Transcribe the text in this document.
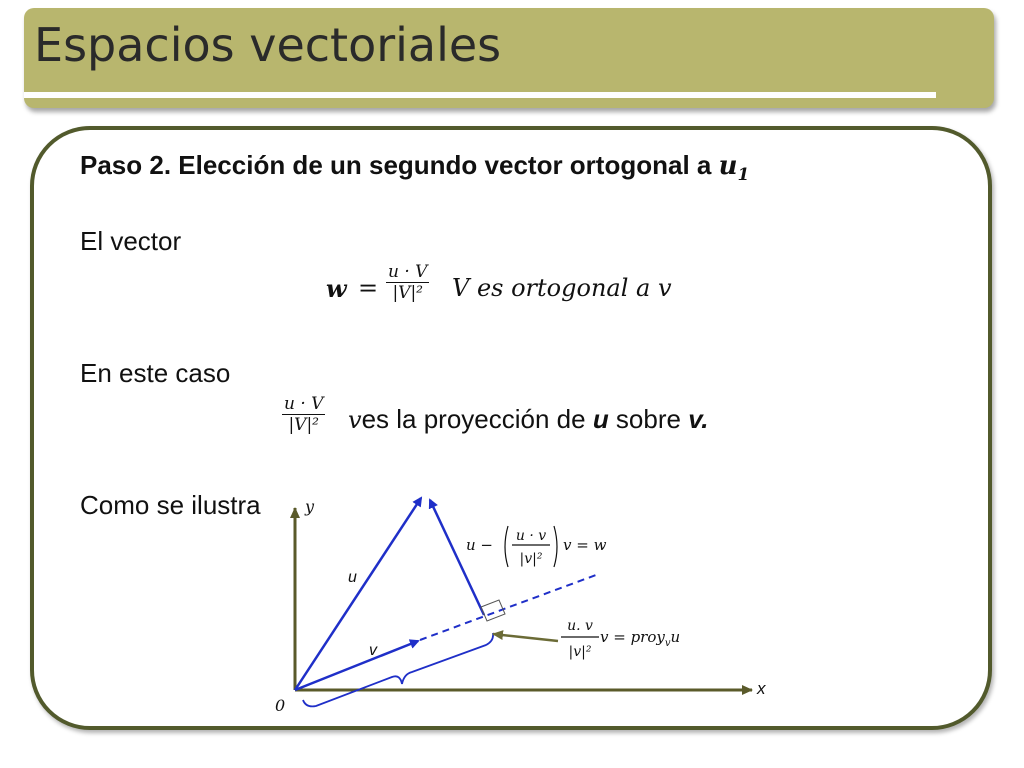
Espacios vectoriales

Paso 2. Elección de un segundo vector ortogonal a $u_1$

El vector

$w = \frac{u \cdot V}{\text{|V|²}}$ V es ortogonal a v

En este caso

$\frac{u \cdot V}{\text{|V|²}}$ ves la proyección de u sobre v.

Como se ilustra	y
x
0
u
v
u − u · v
|v|²
v = w
u. v
|v|²
v = proy$_v$u
